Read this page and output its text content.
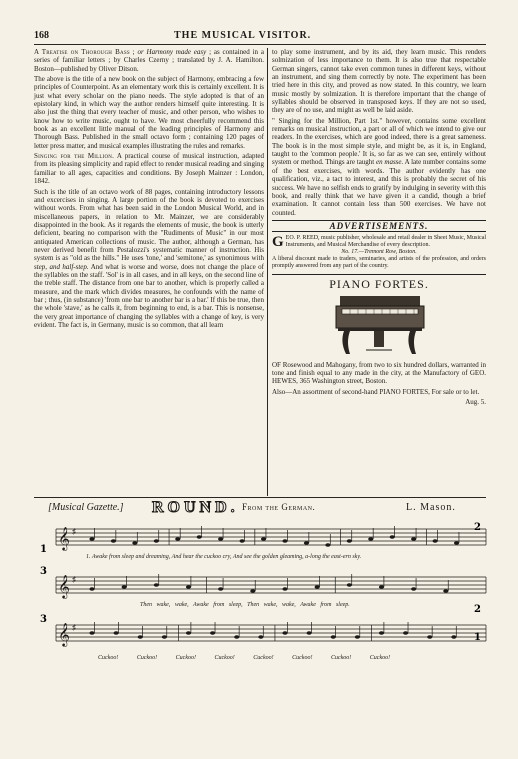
168	THE MUSICAL VISITOR.

A Treatise on Thorough Bass ; or Harmony made easy ; as contained in a series of familiar letters ; by Charles Czerny ; translated by J. A. Hamilton. Boston—published by Oliver Ditson.

The above is the title of a new book on the subject of Harmony, embracing a few principles of Counterpoint. As an elementary work this is certainly excellent. It is just what every scholar on the piano needs. The style adopted is that of an epistolary kind, in which way the author renders himself quite interesting. It is also just the thing that every teacher of music, and other person, who wishes to know how to write music, ought to have. We most cheerfully recommend this book as an excellent little manual of the leading principles of Harmony and Thorough Bass. Published in the small octavo form ; containing 120 pages of letter press matter, and musical examples illustrating the rules and remarks.

Singing for the Million. A practical course of musical instruction, adapted from its pleasing simplicity and rapid effect to render musical reading and singing familiar to all ages, capacities and conditions. By Joseph Mainzer : London, 1842.

Such is the title of an octavo work of 88 pages, containing introductory lessons and excercises in singing. A large portion of the book is devoted to exercises without words. From what has been said in the London Musical World, and in miscellaneous papers, in relation to Mr. Mainzer, we are considerably disappointed in the book. As it regards the elements of music, the book is utterly deficient, bearing no comparison with the "Rudiments of Music" in our most antiquated American collections of music. The author, although a German, has never derived benefit from Pestalozzi's systematic manner of instruction. His system is as "old as the hills." He uses 'tone,' and 'semitone,' as synonimous with step, and half-step. And what is worse and worse, does not change the place of the syllables on the staff. 'Sol' is in all cases, and in all keys, on the second line of the treble staff. The distance from one bar to another, which is properly called a measure, and the mark which divides measures, he confounds with the name of bar ; thus, (in substance) 'from one bar to another bar is a bar.' If this be true, then the whole 'stave,' as he calls it, from beginning to end, is a bar. This is nonsense, the very great importance of changing the syllables with a change of key, is very evident. The fact is, in Germany, music is so common, that all learn

to play some instrument, and by its aid, they learn music. This renders solmization of less importance to them. It is also true that respectable German singers, cannot take even common tunes in different keys, without an instrument, and sing them correctly by note. The experiment has been tried here in this city, and proved as now stated. In this country, we learn music mostly by solmization. It is therefore important that the change of syllables should be observed in transposed keys. If they are not so used, they are of no use, and might as well be laid aside.

" Singing for the Million, Part 1st." however, contains some excellent remarks on musical instruction, a part or all of which we intend to give our readers. In the exercises, which are good indeed, there is a great sameness. The book is in the most simple style, and might be, as it is, in England, taught to the 'common people.' It is, so far as we can see, entirely without system or method. Things are taught en masse. A late number contains some of the best exercises, with words. The author evidently has one qualification, viz., a tact to interest, and this is probably the secret of his success. We have no selfish ends to gratify by indulging in severity with this book, and really think that we have given it a candid, though a brief examination. It cannot contain less than 500 exercises. We have not counted.

ADVERTISEMENTS.
G EO. P. REED, music publisher, wholesale and retail dealer in Sheet Music, Musical Instruments, and Musical Merchandise of every description.
No. 17.—Tremont Row, Boston.
A liberal discount made to traders, seminaries, and artists of the profession, and orders promptly answered from any part of the country.
PIANO FORTES.

OF Rosewood and Mahogany, from two to six hundred dollars, warranted in tone and finish equal to any made in the city, at the Manufactory of GEO. HEWES, 365 Washington street, Boston.

Also—An assortment of second-hand PIANO FORTES, For sale or to let.

Aug. 5.
[Musical Gazette.] ROUND. From the German.	L. Mason.
𝄞 ♯
𝄞 ♯
𝄞 ♯
1
2
3
2
3
1
1. Awake from sleep and dreaming, And hear the cuckoo cry, And see the golden gleaming, a-long the east-ern sky.
Then wake, wake, Awake from sleep, Then wake, wake, Awake from sleep.
Cuckoo! Cuckoo! Cuckoo! Cuckoo! Cuckoo! Cuckoo! Cuckoo! Cuckoo!
